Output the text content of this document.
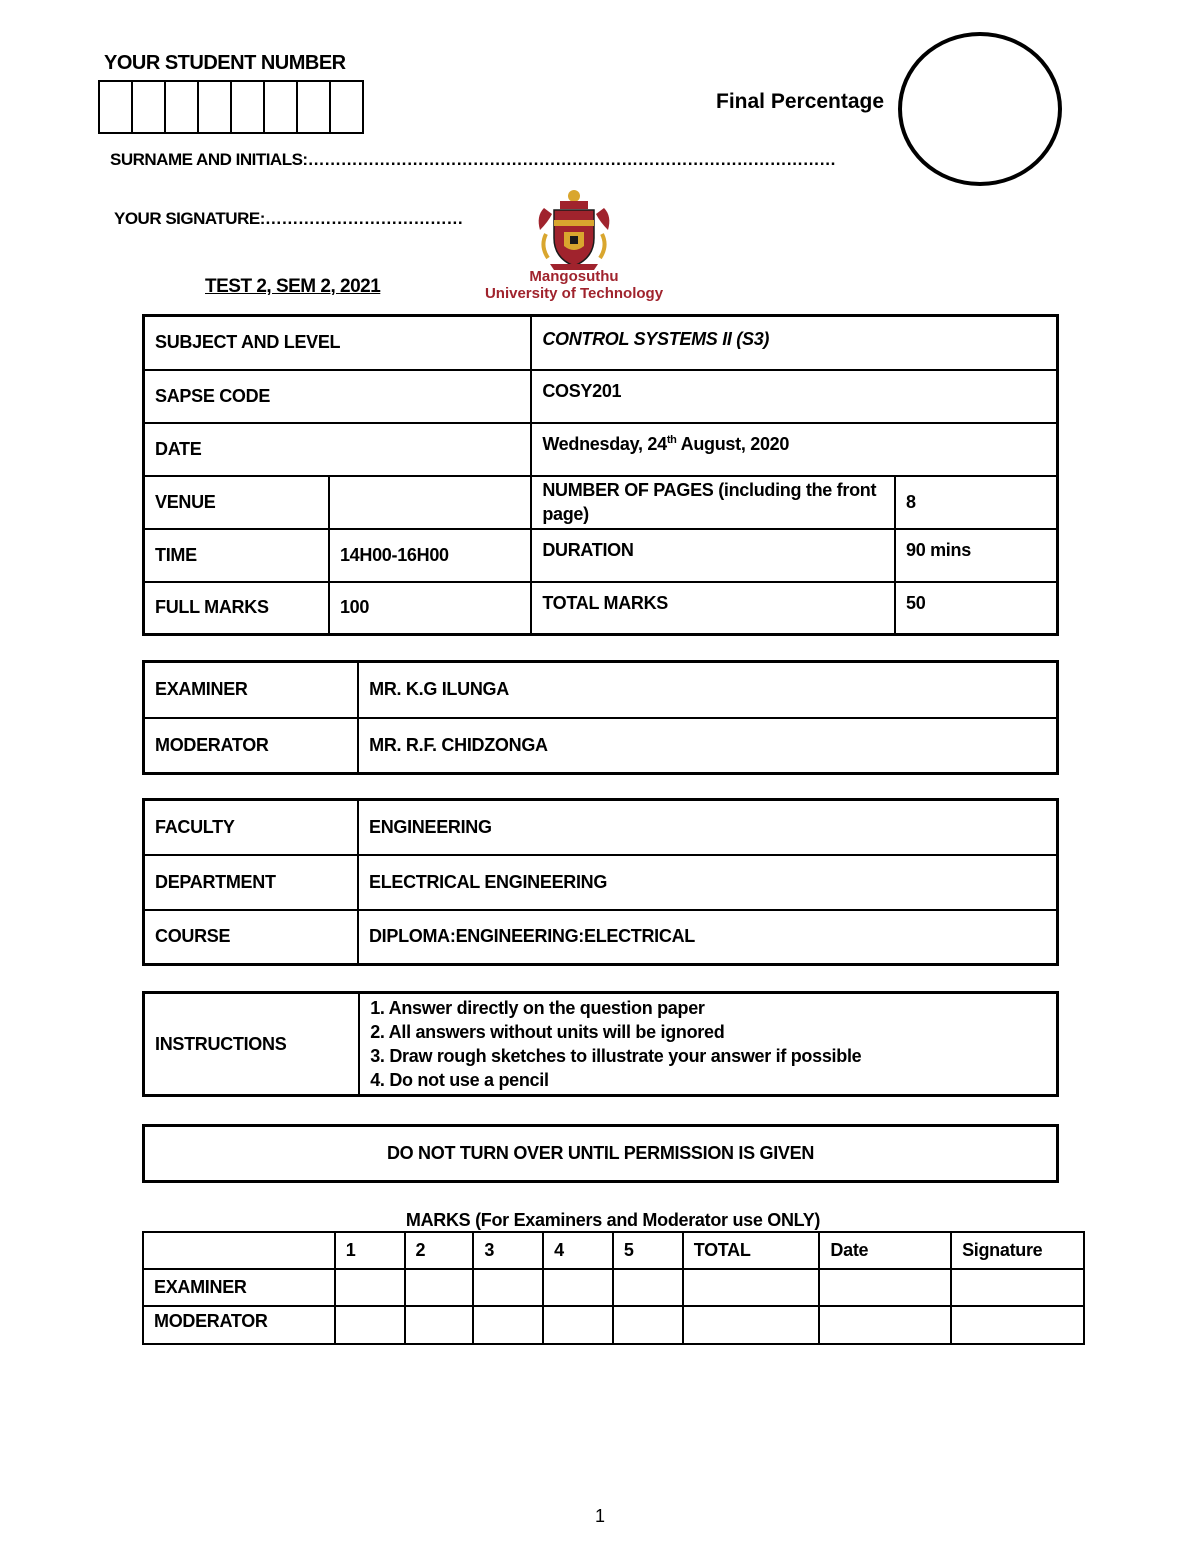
YOUR STUDENT NUMBER
Final Percentage
SURNAME AND INITIALS:……………………………………………………………………………………
YOUR SIGNATURE:………………………………
TEST 2, SEM 2, 2021	Mangosuthu
University of Technology
SUBJECT AND LEVEL		CONTROL SYSTEMS II (S3)	
SAPSE CODE		COSY201	
DATE		Wednesday, 24th August, 2020	
VENUE		NUMBER OF PAGES (including the front page)	8
TIME	14H00-16H00	DURATION	90 mins
FULL MARKS	100	TOTAL MARKS	50
EXAMINER	MR. K.G ILUNGA
MODERATOR	MR. R.F. CHIDZONGA
FACULTY	ENGINEERING
DEPARTMENT	ELECTRICAL ENGINEERING
COURSE	DIPLOMA:ENGINEERING:ELECTRICAL
INSTRUCTIONS	
1. Answer directly on the question paper
2. All answers without units will be ignored
3. Draw rough sketches to illustrate your answer if possible
4. Do not use a pencil
DO NOT TURN OVER UNTIL PERMISSION IS GIVEN
MARKS (For Examiners and Moderator use ONLY)
	1	2	3	4	5	TOTAL	Date	Signature
EXAMINER								
MODERATOR								
1
